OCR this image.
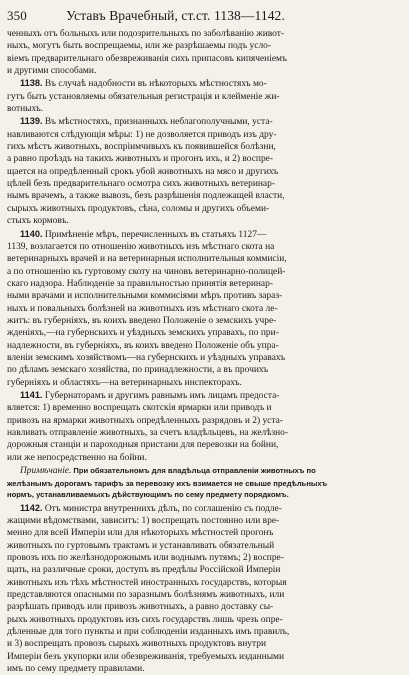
350	Уставъ Врачебный, ст.ст. 1138—1142.
ченныхъ отъ больныхъ или подозрительныхъ по заболѣванію живот-
ныхъ, могутъ быть воспрещаемы, или же разрѣшаемы подъ усло-
віемъ предварительнаго обезвреживанія сихъ припасовъ кипяченіемъ
и другими способами.
1138. Въ случаѣ надобности въ нѣкоторыхъ мѣстностяхъ мо-
гутъ быть установляемы обязательныя регистрація и клейменіе жи-
вотныхъ.
1139. Въ мѣстностяхъ, признанныхъ неблагополучными, уста-
навливаются слѣдующія мѣры: 1) не дозволяется приводъ изъ дру-
гихъ мѣстъ животныхъ, воспріимчивыхъ къ появившейся болѣзни,
а равно проѣздъ на такихъ животныхъ и прогонъ ихъ, и 2) воспре-
щается на опредѣленный срокъ убой животныхъ на мясо и другихъ
цѣлей безъ предварительнаго осмотра сихъ животныхъ ветеринар-
нымъ врачемъ, а также вывозъ, безъ разрѣшенія подлежащей власти,
сырыхъ животныхъ продуктовъ, сѣна, соломы и другихъ объеми-
стыхъ кормовъ.
1140. Примѣненіе мѣръ, перечисленныхъ въ статьяхъ 1127—
1139, возлагается по отношенію животныхъ изъ мѣстнаго скота на
ветеринарныхъ врачей и на ветеринарныя исполнительныя коммисіи,
а по отношенію къ гуртовому скоту на чиновъ ветеринарно-полицей-
скаго надзора. Наблюденіе за правильностью принятія ветеринар-
ными врачами и исполнительными коммисіями мѣръ противъ зараз-
ныхъ и повальныхъ болѣзней на животныхъ изъ мѣстнаго скота ле-
житъ: въ губерніяхъ, въ коихъ введено Положеніе о земскихъ учре-
жденіяхъ,—на губернскихъ и уѣздныхъ земскихъ управахъ, по при-
надлежности, въ губерніяхъ, въ коихъ введено Положеніе объ упра-
вленіи земскимъ хозяйствомъ—на губернскихъ и уѣздныхъ управахъ
по дѣламъ земскаго хозяйства, по принадлежности, а въ прочихъ
губерніяхъ и областяхъ—на ветеринарныхъ инспекторахъ.
1141. Губернаторамъ и другимъ равнымъ имъ лицамъ предоста-
вляется: 1) временно воспрещать скотскія ярмарки или приводъ и
привозъ на ярмарки животныхъ опредѣленныхъ разрядовъ и 2) уста-
навливать отправленіе животныхъ, за счетъ владѣльцевъ, на желѣзно-
дорожныя станціи и пароходныя пристани для перевозки на бойни,
или же непосредственно на бойни.
Примѣчаніе. При обязательномъ для владѣльца отправленіи животныхъ по
желѣзнымъ дорогамъ тарифъ за перевозку ихъ взимается не свыше предѣльныхъ
нормъ, устанавливаемыхъ дѣйствующимъ по сему предмету порядкомъ.
1142. Отъ министра внутреннихъ дѣлъ, по соглашенію съ подле-
жащими вѣдомствами, зависитъ: 1) воспрещать постоянно или вре-
менно для всей Имперіи или для нѣкоторыхъ мѣстностей прогонъ
животныхъ по гуртовымъ трактамъ и устанавливать обязательный
провозъ ихъ по желѣзнодорожнымъ или воднымъ путямъ; 2) воспре-
щать, на различные сроки, доступъ въ предѣлы Россійской Имперіи
животныхъ изъ тѣхъ мѣстностей иностранныхъ государствъ, которыя
представляются опасными по заразнымъ болѣзнямъ животныхъ, или
разрѣшать приводъ или привозъ животныхъ, а равно доставку сы-
рыхъ животныхъ продуктовъ изъ сихъ государствъ лишь чрезъ опре-
дѣленные для того пункты и при соблюденіи изданныхъ имъ правилъ,
и 3) воспрещать провозъ сырыхъ животныхъ продуктовъ внутри
Имперіи безъ укупорки или обезвреживанія, требуемыхъ изданными
имъ по сему предмету правилами.
